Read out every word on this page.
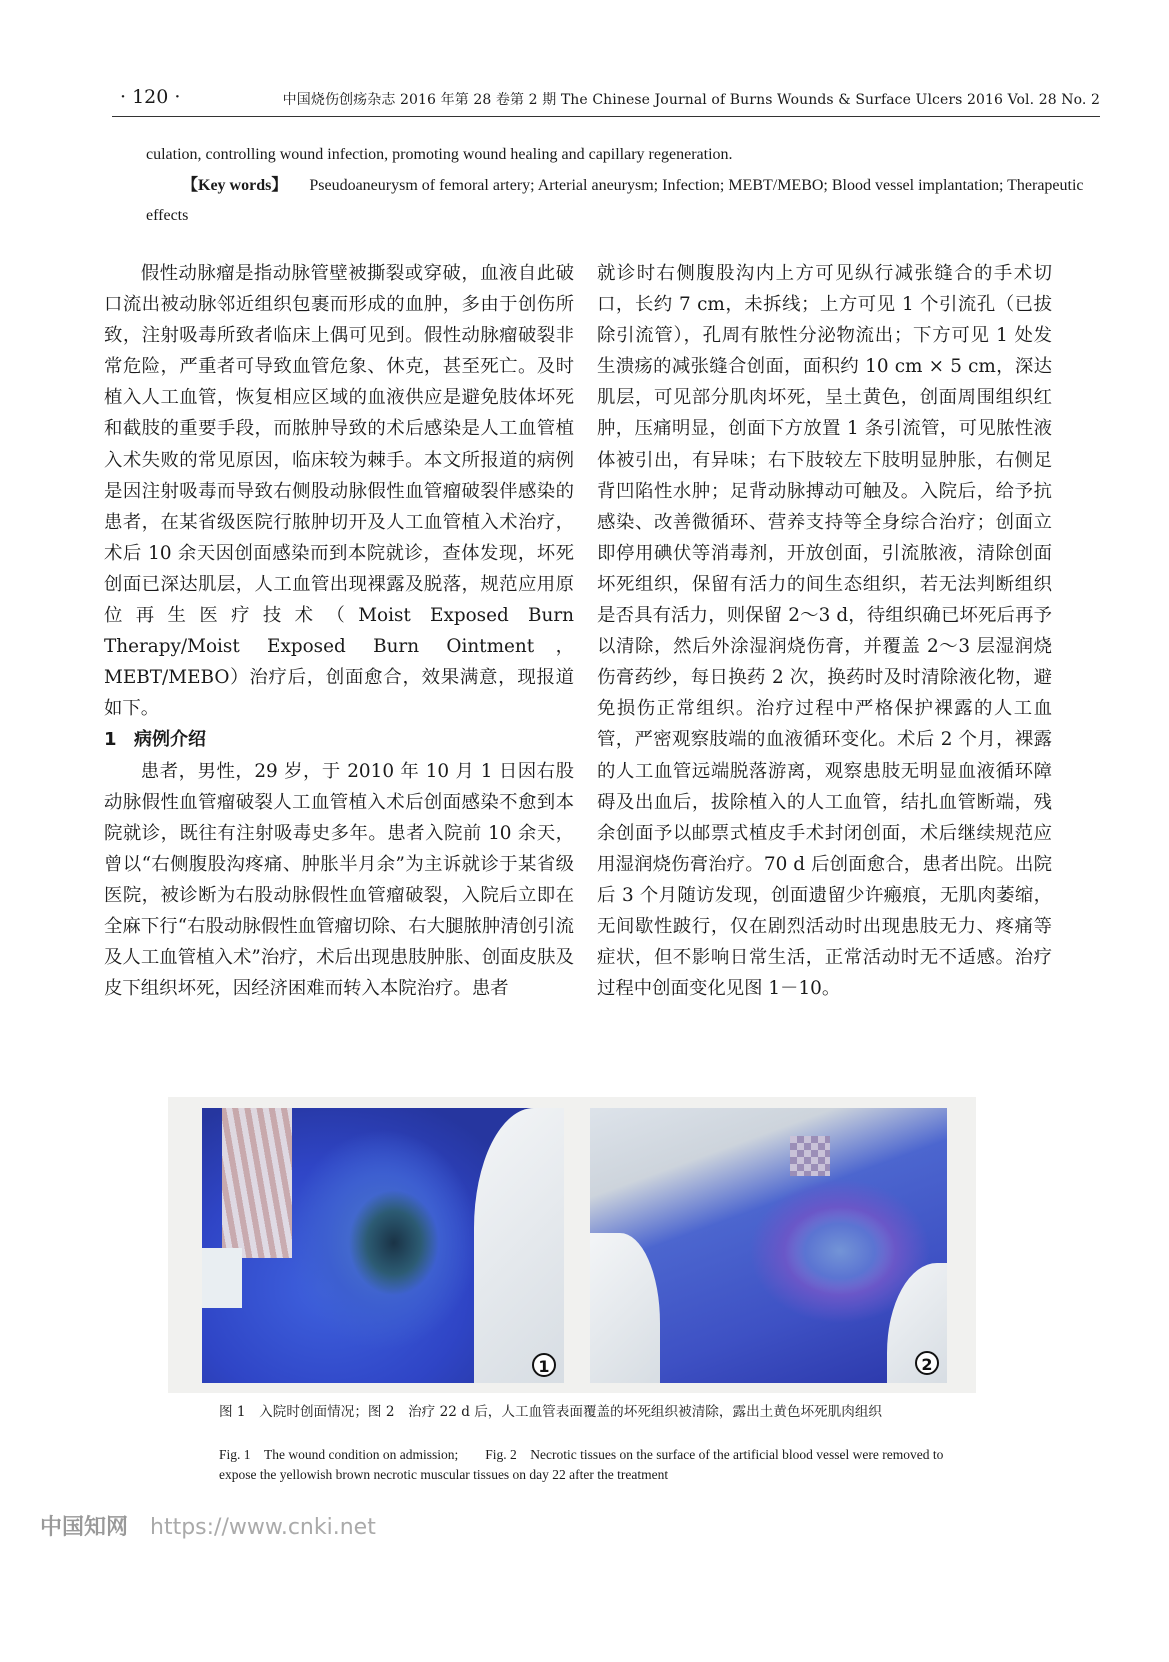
· 120 ·	中国烧伤创疡杂志 2016 年第 28 卷第 2 期 The Chinese Journal of Burns Wounds & Surface Ulcers 2016 Vol. 28 No. 2
culation, controlling wound infection, promoting wound healing and capillary regeneration.
【Key words】 Pseudoaneurysm of femoral artery; Arterial aneurysm; Infection; MEBT/MEBO; Blood vessel implantation; Therapeutic effects

假性动脉瘤是指动脉管壁被撕裂或穿破，血液自此破口流出被动脉邻近组织包裹而形成的血肿，多由于创伤所致，注射吸毒所致者临床上偶可见到。假性动脉瘤破裂非常危险，严重者可导致血管危象、休克，甚至死亡。及时植入人工血管，恢复相应区域的血液供应是避免肢体坏死和截肢的重要手段，而脓肿导致的术后感染是人工血管植入术失败的常见原因，临床较为棘手。本文所报道的病例是因注射吸毒而导致右侧股动脉假性血管瘤破裂伴感染的患者，在某省级医院行脓肿切开及人工血管植入术治疗，术后 10 余天因创面感染而到本院就诊，查体发现，坏死创面已深达肌层，人工血管出现裸露及脱落，规范应用原位再生医疗技术（Moist Exposed Burn Therapy/Moist Exposed Burn Ointment，MEBT/MEBO）治疗后，创面愈合，效果满意，现报道如下。

1 病例介绍

患者，男性，29 岁，于 2010 年 10 月 1 日因右股动脉假性血管瘤破裂人工血管植入术后创面感染不愈到本院就诊，既往有注射吸毒史多年。患者入院前 10 余天，曾以“右侧腹股沟疼痛、肿胀半月余”为主诉就诊于某省级医院，被诊断为右股动脉假性血管瘤破裂，入院后立即在全麻下行“右股动脉假性血管瘤切除、右大腿脓肿清创引流及人工血管植入术”治疗，术后出现患肢肿胀、创面皮肤及皮下组织坏死，因经济困难而转入本院治疗。患者

就诊时右侧腹股沟内上方可见纵行减张缝合的手术切口，长约 7 cm，未拆线；上方可见 1 个引流孔（已拔除引流管），孔周有脓性分泌物流出；下方可见 1 处发生溃疡的减张缝合创面，面积约 10 cm × 5 cm，深达肌层，可见部分肌肉坏死，呈土黄色，创面周围组织红肿，压痛明显，创面下方放置 1 条引流管，可见脓性液体被引出，有异味；右下肢较左下肢明显肿胀，右侧足背凹陷性水肿；足背动脉搏动可触及。入院后，给予抗感染、改善微循环、营养支持等全身综合治疗；创面立即停用碘伏等消毒剂，开放创面，引流脓液，清除创面坏死组织，保留有活力的间生态组织，若无法判断组织是否具有活力，则保留 2～3 d，待组织确已坏死后再予以清除，然后外涂湿润烧伤膏，并覆盖 2～3 层湿润烧伤膏药纱，每日换药 2 次，换药时及时清除液化物，避免损伤正常组织。治疗过程中严格保护裸露的人工血管，严密观察肢端的血液循环变化。术后 2 个月，裸露的人工血管远端脱落游离，观察患肢无明显血液循环障碍及出血后，拔除植入的人工血管，结扎血管断端，残余创面予以邮票式植皮手术封闭创面，术后继续规范应用湿润烧伤膏治疗。70 d 后创面愈合，患者出院。出院后 3 个月随访发现，创面遗留少许瘢痕，无肌肉萎缩，无间歇性跛行，仅在剧烈活动时出现患肢无力、疼痛等症状，但不影响日常生活，正常活动时无不适感。治疗过程中创面变化见图 1－10。

1	2
图 1　入院时创面情况；图 2　治疗 22 d 后，人工血管表面覆盖的坏死组织被清除，露出土黄色坏死肌肉组织
Fig. 1　The wound condition on admission;　　Fig. 2　Necrotic tissues on the surface of the artificial blood vessel were removed to expose the yellowish brown necrotic muscular tissues on day 22 after the treatment
中国知网 https://www.cnki.net
